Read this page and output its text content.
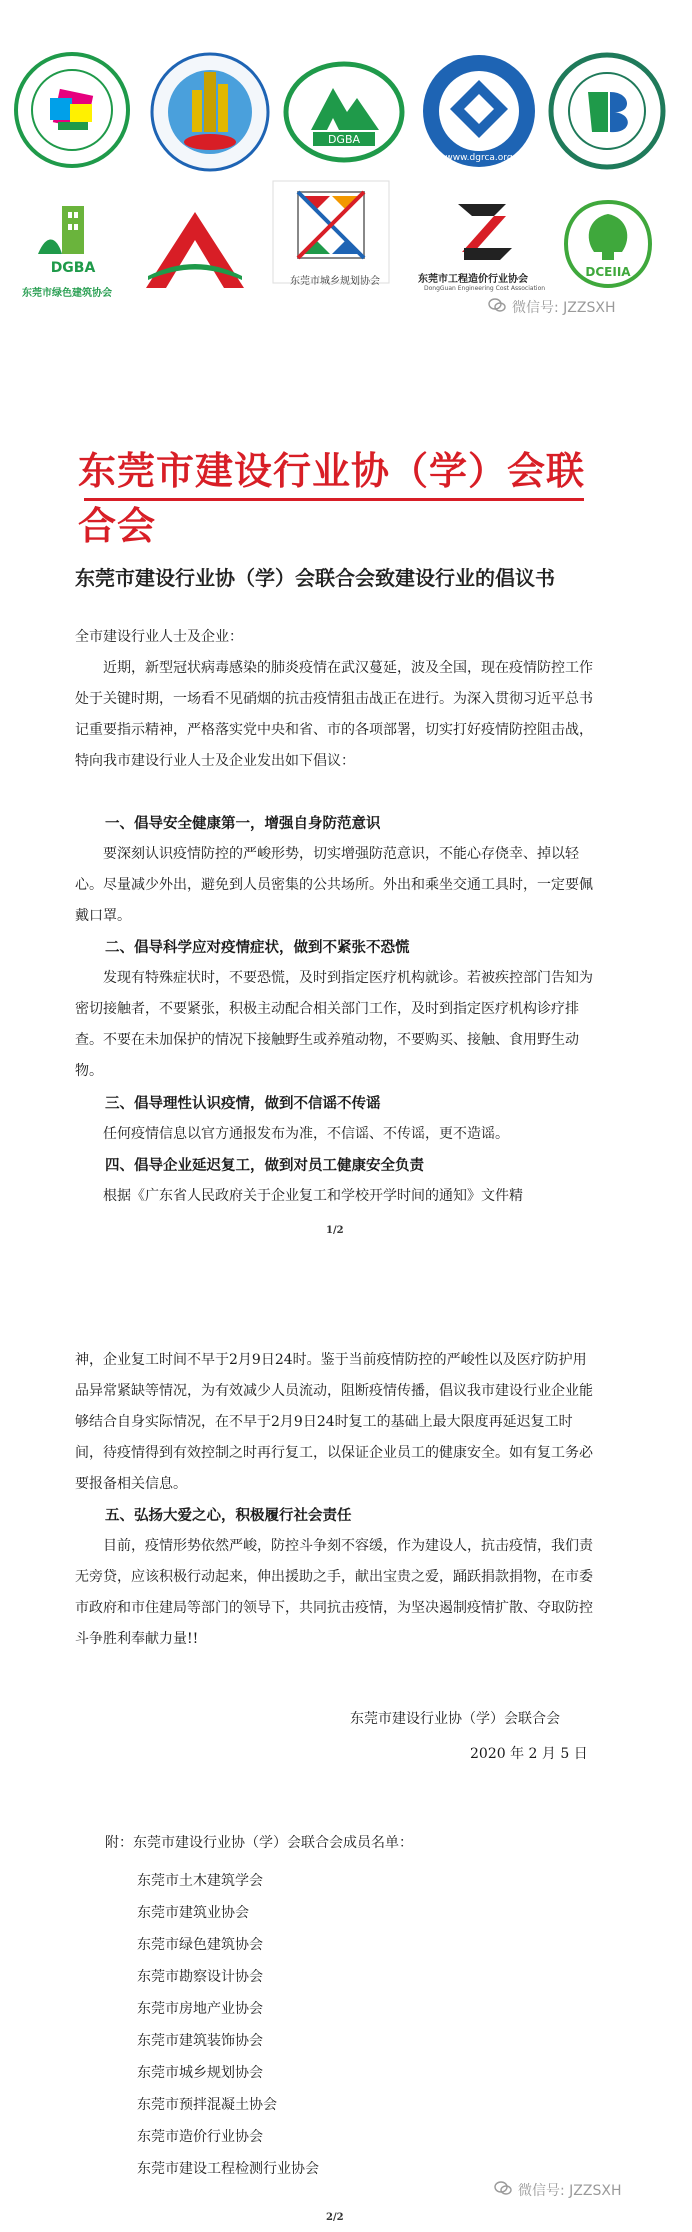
DGBA
www.dgrca.org
DGBA
东莞市绿色建筑协会
东莞市城乡规划协会	东莞市工程造价行业协会
DongGuan Engineering Cost Association
DCEIIA
微信号: JZZSXH
东莞市建设行业协（学）会联合会
东莞市建设行业协（学）会联合会致建设行业的倡议书
全市建设行业人士及企业：
近期，新型冠状病毒感染的肺炎疫情在武汉蔓延，波及全国，现在疫情防控工作处于关键时期，一场看不见硝烟的抗击疫情狙击战正在进行。为深入贯彻习近平总书记重要指示精神，严格落实党中央和省、市的各项部署，切实打好疫情防控阻击战，特向我市建设行业人士及企业发出如下倡议：
一、倡导安全健康第一，增强自身防范意识
要深刻认识疫情防控的严峻形势，切实增强防范意识，不能心存侥幸、掉以轻心。尽量减少外出，避免到人员密集的公共场所。外出和乘坐交通工具时，一定要佩戴口罩。
二、倡导科学应对疫情症状，做到不紧张不恐慌
发现有特殊症状时，不要恐慌，及时到指定医疗机构就诊。若被疾控部门告知为密切接触者，不要紧张，积极主动配合相关部门工作，及时到指定医疗机构诊疗排查。不要在未加保护的情况下接触野生或养殖动物，不要购买、接触、食用野生动物。
三、倡导理性认识疫情，做到不信谣不传谣
任何疫情信息以官方通报发布为准，不信谣、不传谣，更不造谣。
四、倡导企业延迟复工，做到对员工健康安全负责
根据《广东省人民政府关于企业复工和学校开学时间的通知》文件精
1/2
神，企业复工时间不早于2月9日24时。鉴于当前疫情防控的严峻性以及医疗防护用品异常紧缺等情况，为有效减少人员流动，阻断疫情传播，倡议我市建设行业企业能够结合自身实际情况，在不早于2月9日24时复工的基础上最大限度再延迟复工时间，待疫情得到有效控制之时再行复工，以保证企业员工的健康安全。如有复工务必要报备相关信息。
五、弘扬大爱之心，积极履行社会责任
目前，疫情形势依然严峻，防控斗争刻不容缓，作为建设人，抗击疫情，我们责无旁贷，应该积极行动起来，伸出援助之手，献出宝贵之爱，踊跃捐款捐物，在市委市政府和市住建局等部门的领导下，共同抗击疫情，为坚决遏制疫情扩散、夺取防控斗争胜利奉献力量!!
东莞市建设行业协（学）会联合会
2020 年 2 月 5 日
附：东莞市建设行业协（学）会联合会成员名单：
东莞市土木建筑学会
东莞市建筑业协会
东莞市绿色建筑协会
东莞市勘察设计协会
东莞市房地产业协会
东莞市建筑装饰协会
东莞市城乡规划协会
东莞市预拌混凝土协会
东莞市造价行业协会
东莞市建设工程检测行业协会
微信号: JZZSXH
2/2
